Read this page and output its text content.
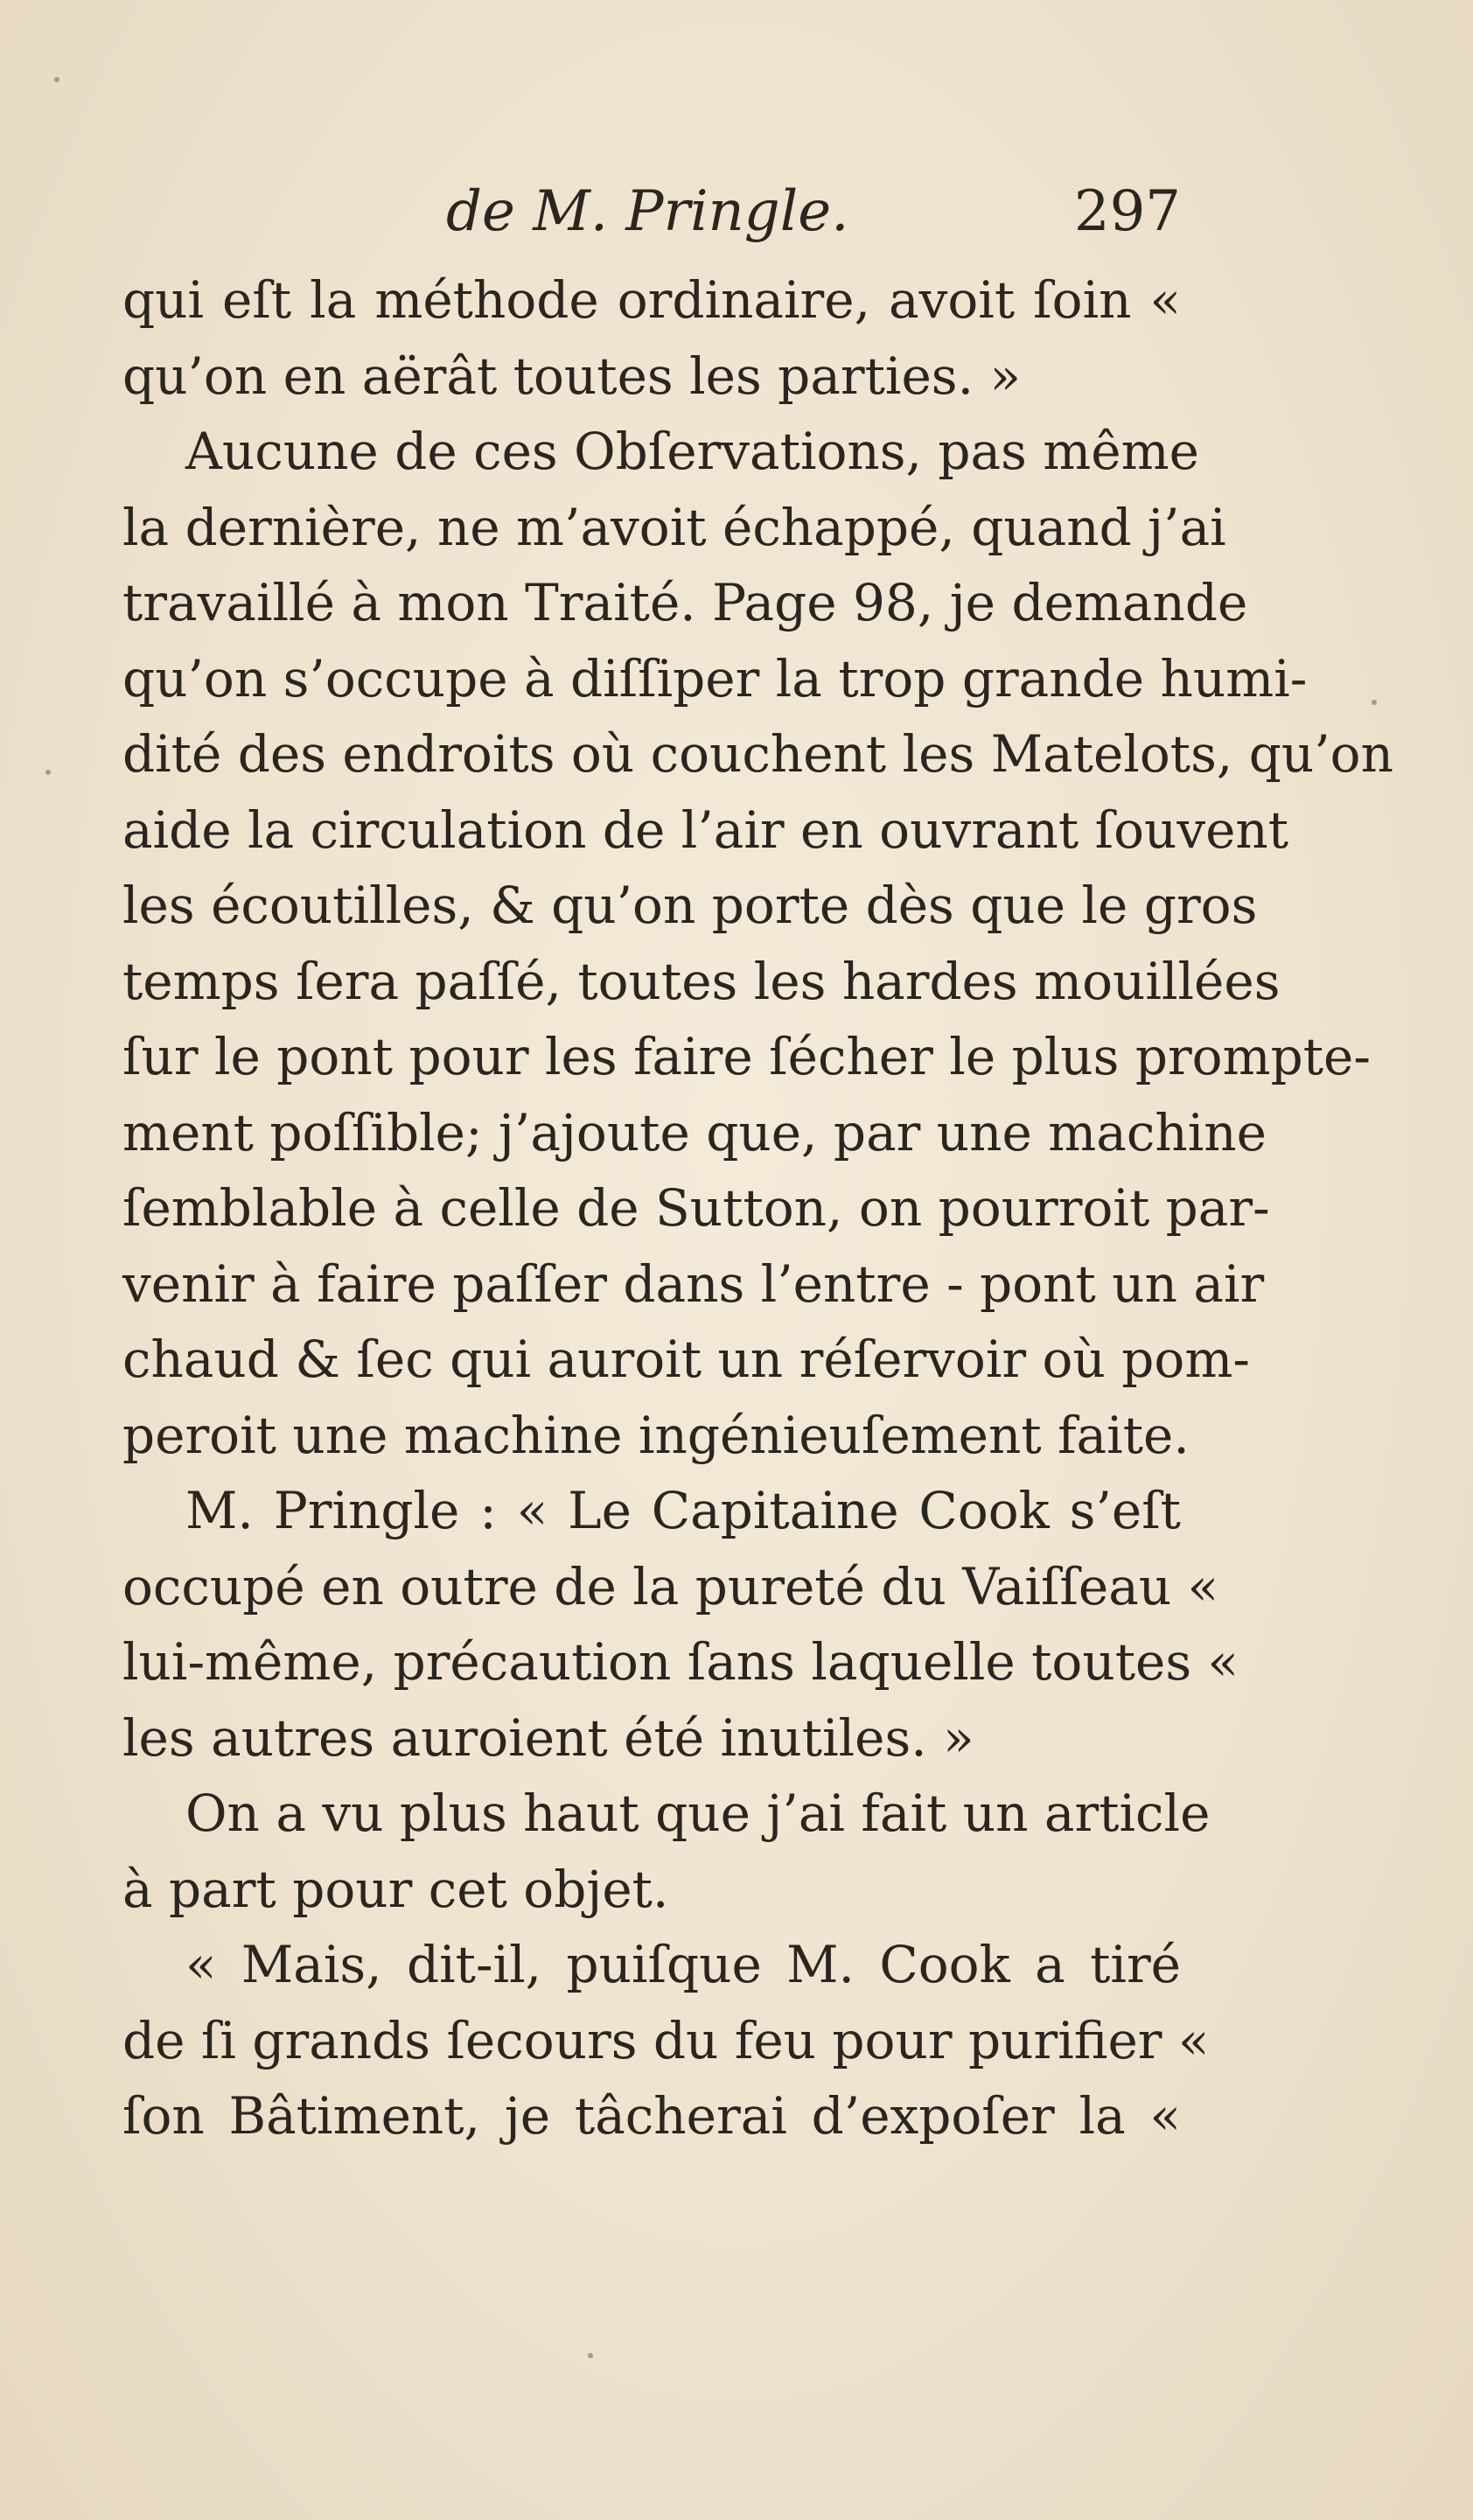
de M. Pringle.	297
qui eſt la méthode ordinaire, avoit ſoin «
qu’on en aërât toutes les parties. »
Aucune de ces Obſervations, pas même
la dernière, ne m’avoit échappé, quand j’ai
travaillé à mon Traité. Page 98, je demande
qu’on s’occupe à diſſiper la trop grande humi-
dité des endroits où couchent les Matelots, qu’on
aide la circulation de l’air en ouvrant ſouvent
les écoutilles, & qu’on porte dès que le gros
temps ſera paſſé, toutes les hardes mouillées
ſur le pont pour les faire ſécher le plus prompte-
ment poſſible; j’ajoute que, par une machine
ſemblable à celle de Sutton, on pourroit par-
venir à faire paſſer dans l’entre - pont un air
chaud & ſec qui auroit un réſervoir où pom-
peroit une machine ingénieuſement faite.
M. Pringle : « Le Capitaine Cook s’eſt
occupé en outre de la pureté du Vaiſſeau «
lui-même, précaution ſans laquelle toutes «
les autres auroient été inutiles. »
On a vu plus haut que j’ai fait un article
à part pour cet objet.
« Mais, dit-il, puiſque M. Cook a tiré
de ſi grands ſecours du feu pour purifier «
ſon Bâtiment, je tâcherai d’expoſer la «
